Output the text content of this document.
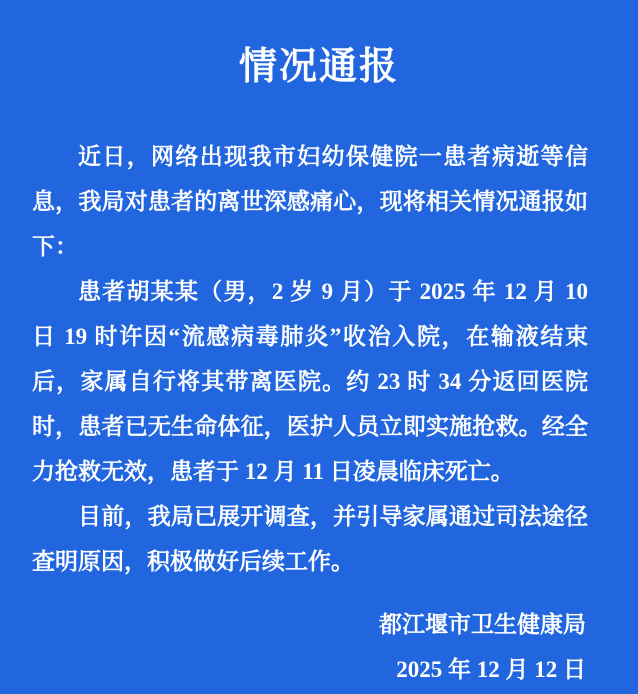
情况通报

近日，网络出现我市妇幼保健院一患者病逝等信息，我局对患者的离世深感痛心，现将相关情况通报如下：

患者胡某某（男，2 岁 9 月）于 2025 年 12 月 10 日 19 时许因“流感病毒肺炎”收治入院，在输液结束后，家属自行将其带离医院。约 23 时 34 分返回医院时，患者已无生命体征，医护人员立即实施抢救。经全力抢救无效，患者于 12 月 11 日凌晨临床死亡。

目前，我局已展开调查，并引导家属通过司法途径查明原因，积极做好后续工作。

都江堰市卫生健康局

2025 年 12 月 12 日
